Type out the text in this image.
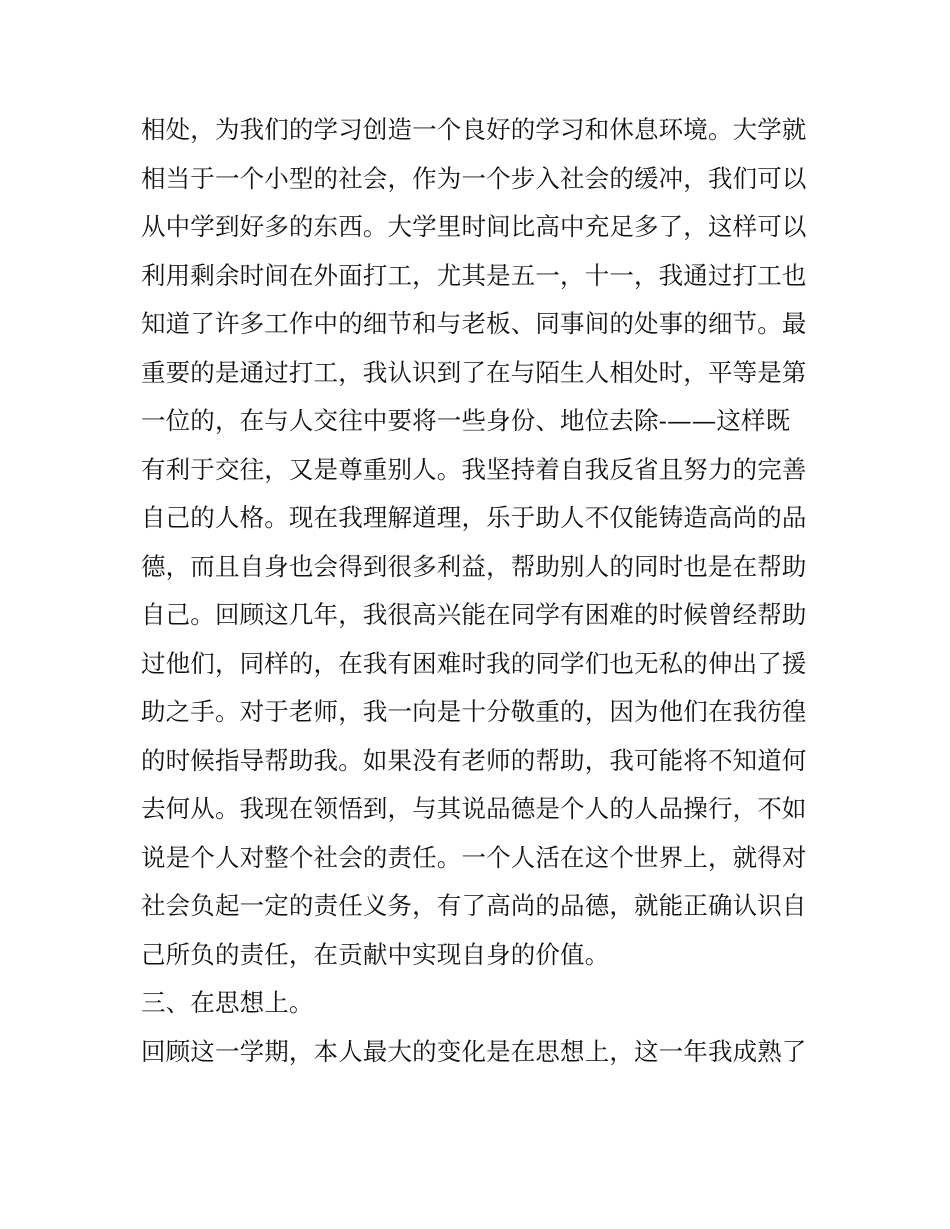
相处，为我们的学习创造一个良好的学习和休息环境。大学就
相当于一个小型的社会，作为一个步入社会的缓冲，我们可以
从中学到好多的东西。大学里时间比高中充足多了，这样可以
利用剩余时间在外面打工，尤其是五一，十一，我通过打工也
知道了许多工作中的细节和与老板、同事间的处事的细节。最
重要的是通过打工，我认识到了在与陌生人相处时，平等是第
一位的，在与人交往中要将一些身份、地位去除-——这样既
有利于交往，又是尊重别人。我坚持着自我反省且努力的完善
自己的人格。现在我理解道理，乐于助人不仅能铸造高尚的品
德，而且自身也会得到很多利益，帮助别人的同时也是在帮助
自己。回顾这几年，我很高兴能在同学有困难的时候曾经帮助
过他们，同样的，在我有困难时我的同学们也无私的伸出了援
助之手。对于老师，我一向是十分敬重的，因为他们在我彷徨
的时候指导帮助我。如果没有老师的帮助，我可能将不知道何
去何从。我现在领悟到，与其说品德是个人的人品操行，不如
说是个人对整个社会的责任。一个人活在这个世界上，就得对
社会负起一定的责任义务，有了高尚的品德，就能正确认识自
己所负的责任，在贡献中实现自身的价值。
三、在思想上。
回顾这一学期，本人最大的变化是在思想上，这一年我成熟了
